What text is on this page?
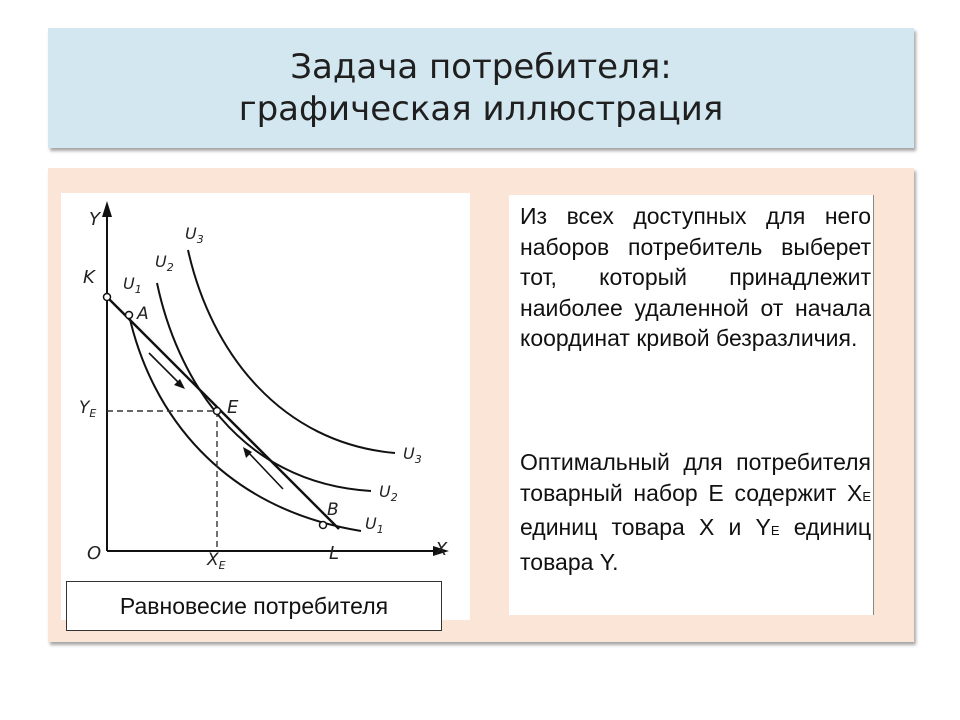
Задача потребителя:
графическая иллюстрация
Y
X
O
K
A
E
B
L
$Y_E$
$X_E$
$U_1$
$U_2$
$U_3$
$U_3$
$U_2$
$U_1$
Равновесие потребителя

Из всех доступных для него наборов потребитель выберет тот, который принадлежит наиболее удаленной от начала координат кривой безразличия.

Оптимальный для потребителя товарный набор E содержит XE единиц товара X и YE единиц товара Y.
